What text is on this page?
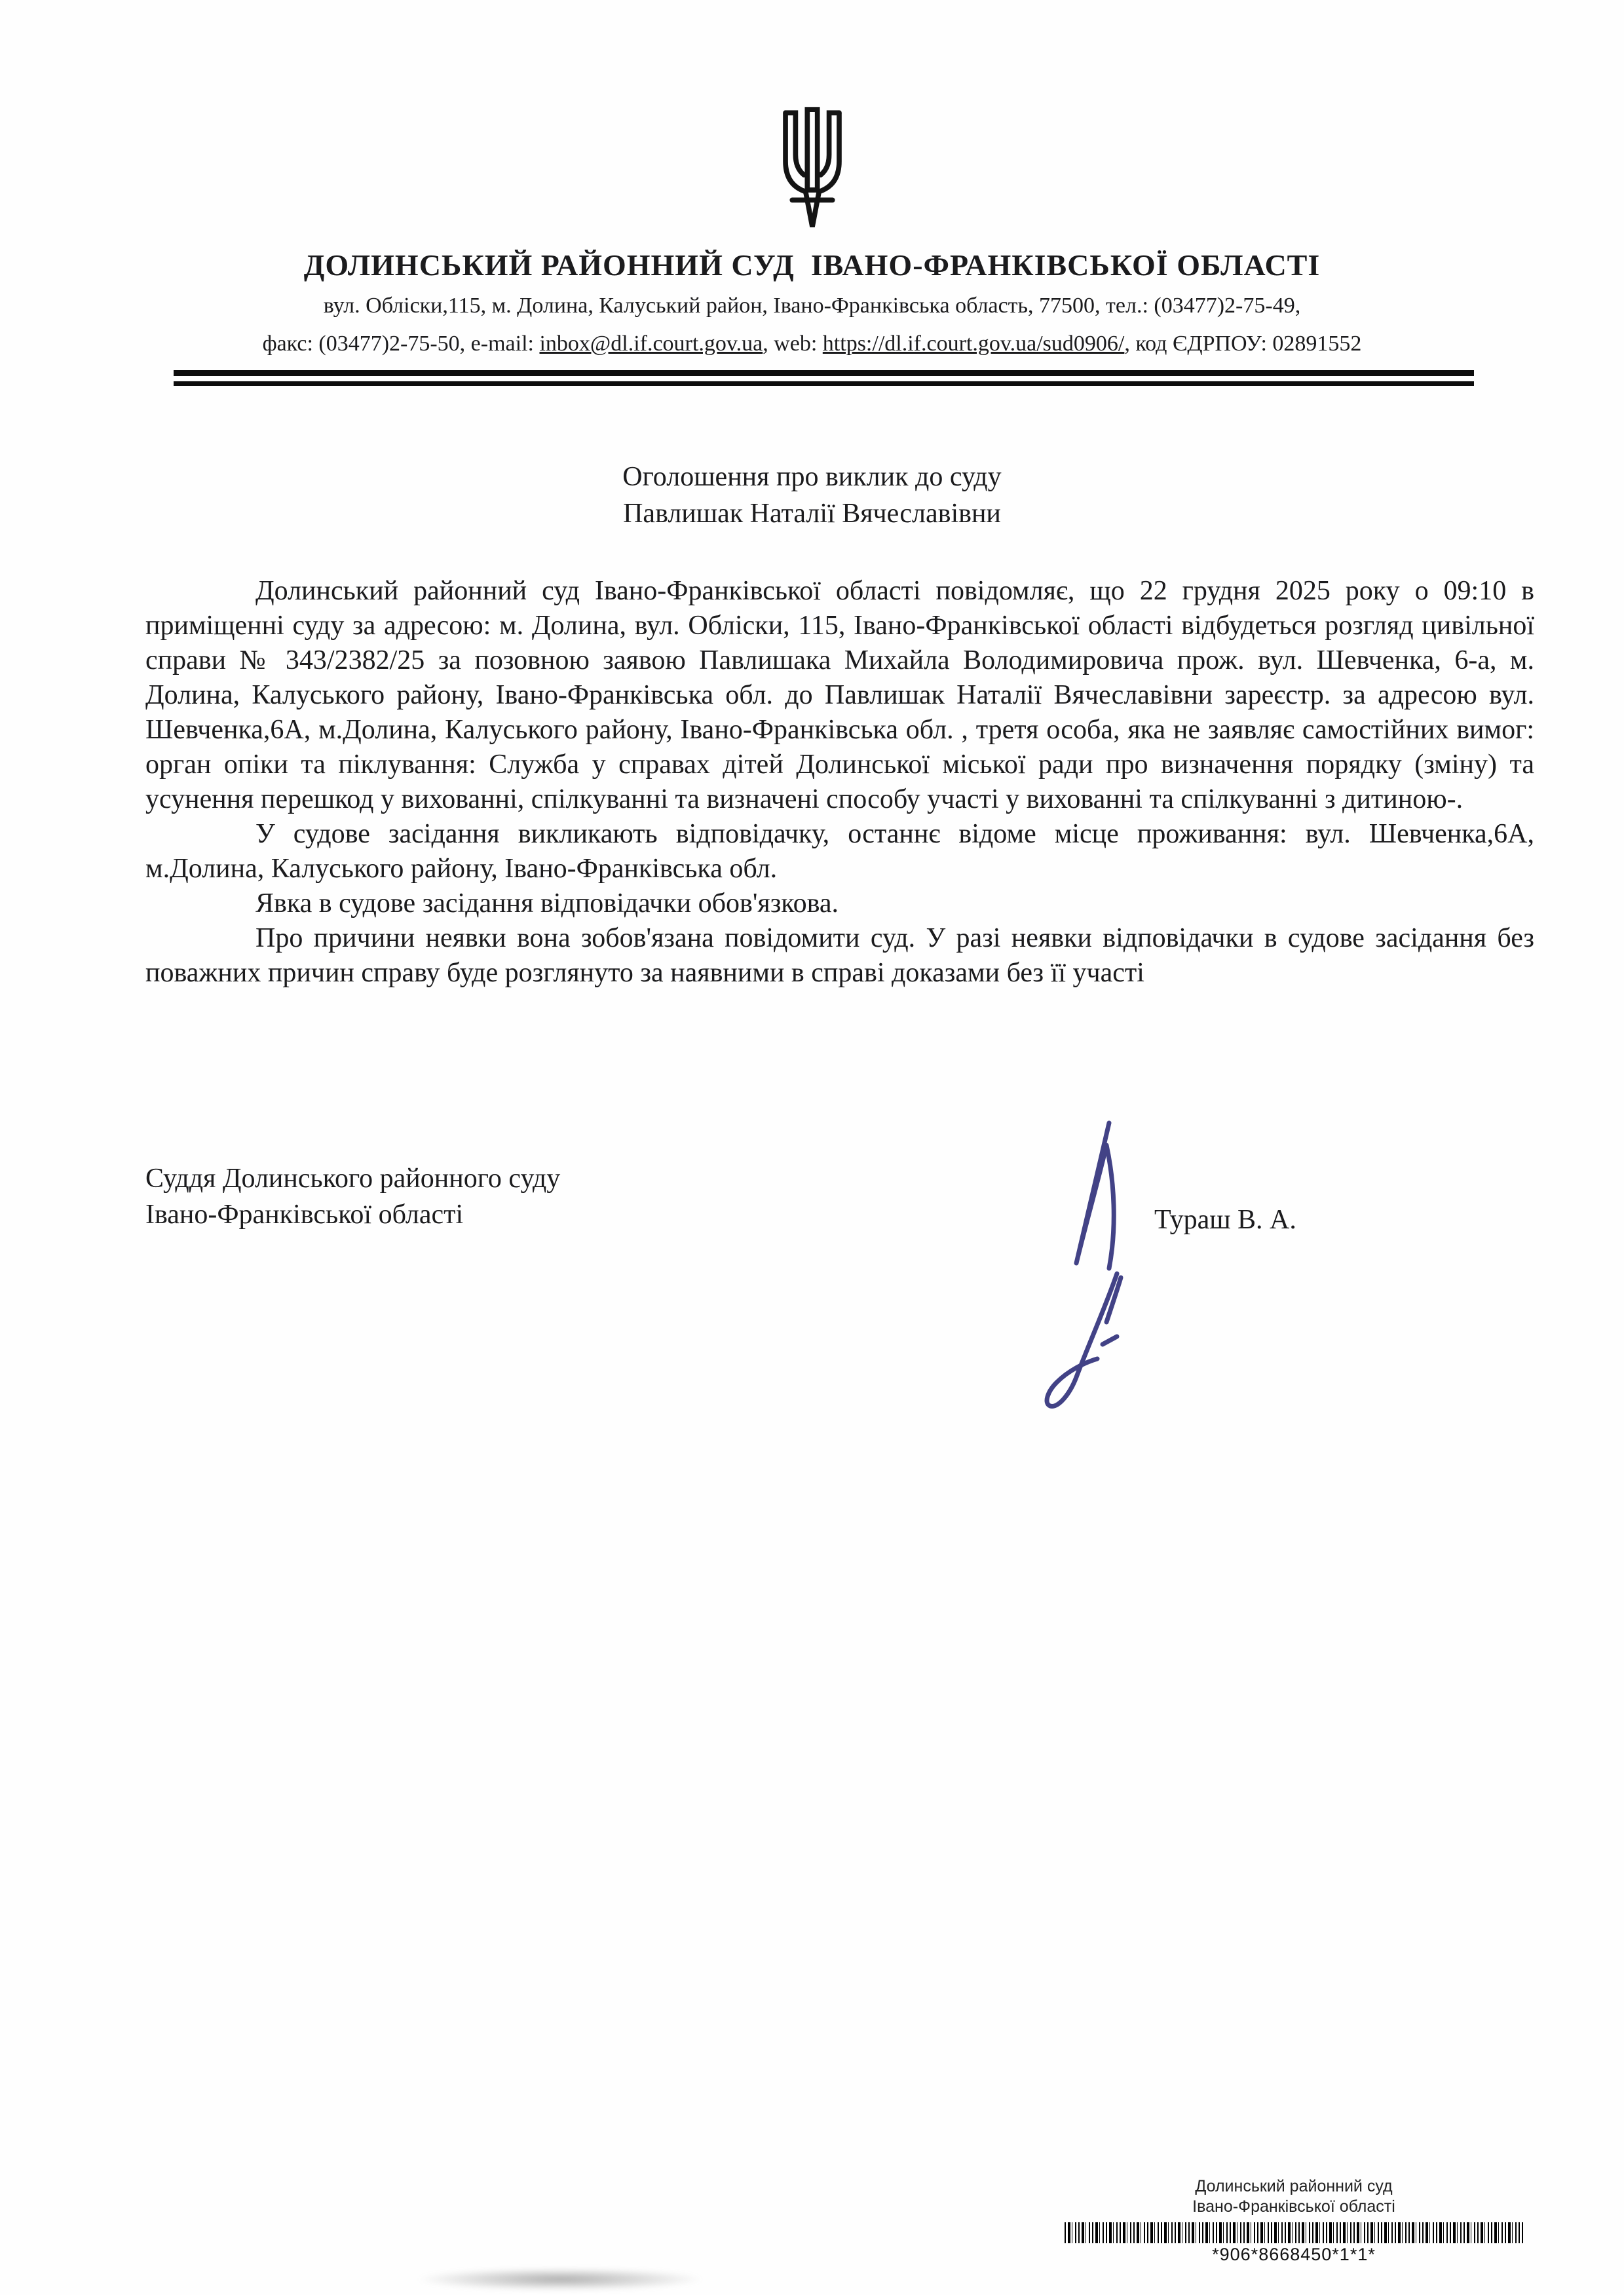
ДОЛИНСЬКИЙ РАЙОННИЙ СУД  ІВАНО-ФРАНКІВСЬКОЇ ОБЛАСТІ
вул. Обліски,115, м. Долина, Калуський район, Івано-Франківська область, 77500, тел.: (03477)2-75-49,
факс: (03477)2-75-50, e-mail: inbox@dl.if.court.gov.ua, web: https://dl.if.court.gov.ua/sud0906/, код ЄДРПОУ: 02891552
Оголошення про виклик до суду
Павлишак Наталії Вячеславівни

Долинський районний суд Івано-Франківської області повідомляє, що 22 грудня 2025 року о 09:10 в приміщенні суду за адресою: м. Долина, вул. Обліски, 115, Івано-Франківської області відбудеться розгляд цивільної справи № 343/2382/25 за позовною заявою Павлишака Михайла Володимировича прож. вул. Шевченка, 6-а, м. Долина, Калуського району, Івано-Франківська обл. до Павлишак Наталії Вячеславівни зареєстр. за адресою вул. Шевченка,6А, м.Долина, Калуського району, Івано-Франківська обл. , третя особа, яка не заявляє самостійних вимог: орган опіки та піклування: Служба у справах дітей Долинської міської ради про визначення порядку (зміну) та усунення перешкод у вихованні, спілкуванні та визначені способу участі у вихованні та спілкуванні з дитиною-.

У судове засідання викликають відповідачку, останнє відоме місце проживання: вул. Шевченка,6А, м.Долина, Калуського району, Івано-Франківська обл.

Явка в судове засідання відповідачки обов'язкова.

Про причини неявки вона зобов'язана повідомити суд. У разі неявки відповідачки в судове засідання без поважних причин справу буде розглянуто за наявними в справі доказами без її участі

Суддя Долинського районного суду
Івано-Франківської області	Тураш В. А.
Долинський районний суд
Івано-Франківської області
*906*8668450*1*1*
